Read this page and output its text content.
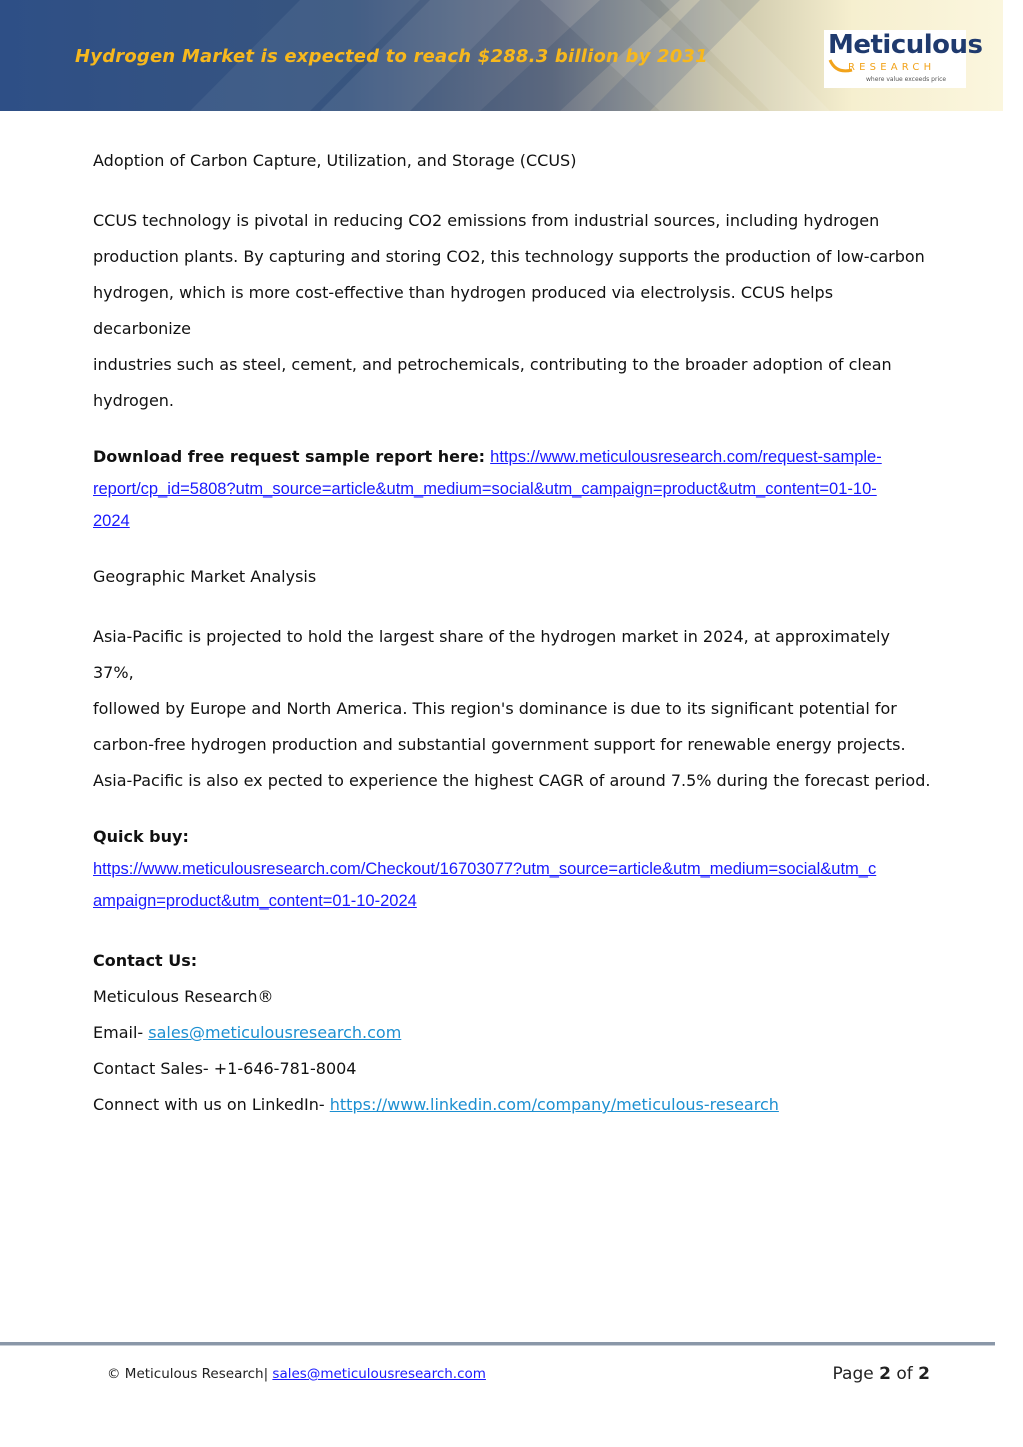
Hydrogen Market is expected to reach $288.3 billion by 2031	Meticulous
RESEARCH
where value exceeds price

Adoption of Carbon Capture, Utilization, and Storage (CCUS)

CCUS technology is pivotal in reducing CO2 emissions from industrial sources, including hydrogen
production plants. By capturing and storing CO2, this technology supports the production of low-carbon
hydrogen, which is more cost-effective than hydrogen produced via electrolysis. CCUS helps decarbonize
industries such as steel, cement, and petrochemicals, contributing to the broader adoption of clean
hydrogen.
Download free request sample report here: https://www.meticulousresearch.com/request-sample-
report/cp_id=5808?utm_source=article&utm_medium=social&utm_campaign=product&utm_content=01-10-
2024

Geographic Market Analysis

Asia-Pacific is projected to hold the largest share of the hydrogen market in 2024, at approximately 37%,
followed by Europe and North America. This region's dominance is due to its significant potential for
carbon-free hydrogen production and substantial government support for renewable energy projects.
Asia-Pacific is also ex pected to experience the highest CAGR of around 7.5% during the forecast period.
Quick buy:
https://www.meticulousresearch.com/Checkout/16703077?utm_source=article&utm_medium=social&utm_c
ampaign=product&utm_content=01-10-2024
Contact Us:
Meticulous Research®
Email- sales@meticulousresearch.com
Contact Sales- +1-646-781-8004
Connect with us on LinkedIn- https://www.linkedin.com/company/meticulous-research
© Meticulous Research| sales@meticulousresearch.com	Page 2 of 2
